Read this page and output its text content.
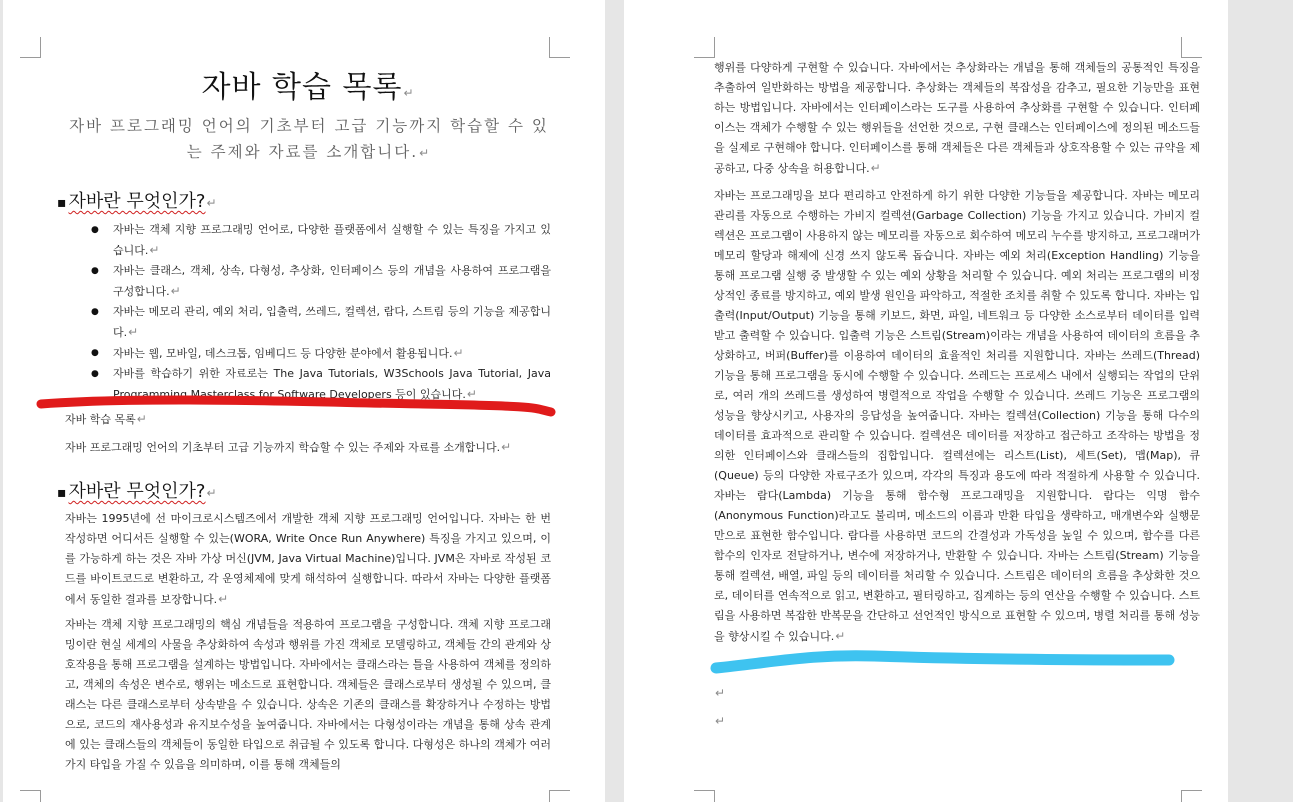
자바 학습 목록↵
자바 프로그래밍 언어의 기초부터 고급 기능까지 학습할 수 있는 주제와 자료를 소개합니다.↵
▪ 자바란 무엇인가?↵
● 자바는 객체 지향 프로그래밍 언어로, 다양한 플랫폼에서 실행할 수 있는 특징을 가지고 있습니다.↵
● 자바는 클래스, 객체, 상속, 다형성, 추상화, 인터페이스 등의 개념을 사용하여 프로그램을 구성합니다.↵
● 자바는 메모리 관리, 예외 처리, 입출력, 쓰레드, 컬렉션, 람다, 스트림 등의 기능을 제공합니다.↵
● 자바는 웹, 모바일, 데스크톱, 임베디드 등 다양한 분야에서 활용됩니다.↵
● 자바를 학습하기 위한 자료로는 The Java Tutorials, W3Schools Java Tutorial, Java Programming Masterclass for Software Developers 등이 있습니다.↵

자바 학습 목록↵

자바 프로그래밍 언어의 기초부터 고급 기능까지 학습할 수 있는 주제와 자료를 소개합니다.↵

▪ 자바란 무엇인가?↵

자바는 1995년에 선 마이크로시스템즈에서 개발한 객체 지향 프로그래밍 언어입니다. 자바는 한 번 작성하면 어디서든 실행할 수 있는(WORA, Write Once Run Anywhere) 특징을 가지고 있으며, 이를 가능하게 하는 것은 자바 가상 머신(JVM, Java Virtual Machine)입니다. JVM은 자바로 작성된 코드를 바이트코드로 변환하고, 각 운영체제에 맞게 해석하여 실행합니다. 따라서 자바는 다양한 플랫폼에서 동일한 결과를 보장합니다.↵

자바는 객체 지향 프로그래밍의 핵심 개념들을 적용하여 프로그램을 구성합니다. 객체 지향 프로그래밍이란 현실 세계의 사물을 추상화하여 속성과 행위를 가진 객체로 모델링하고, 객체들 간의 관계와 상호작용을 통해 프로그램을 설계하는 방법입니다. 자바에서는 클래스라는 틀을 사용하여 객체를 정의하고, 객체의 속성은 변수로, 행위는 메소드로 표현합니다. 객체들은 클래스로부터 생성될 수 있으며, 클래스는 다른 클래스로부터 상속받을 수 있습니다. 상속은 기존의 클래스를 확장하거나 수정하는 방법으로, 코드의 재사용성과 유지보수성을 높여줍니다. 자바에서는 다형성이라는 개념을 통해 상속 관계에 있는 클래스들의 객체들이 동일한 타입으로 취급될 수 있도록 합니다. 다형성은 하나의 객체가 여러 가지 타입을 가질 수 있음을 의미하며, 이를 통해 객체들의

행위를 다양하게 구현할 수 있습니다. 자바에서는 추상화라는 개념을 통해 객체들의 공통적인 특징을 추출하여 일반화하는 방법을 제공합니다. 추상화는 객체들의 복잡성을 감추고, 필요한 기능만을 표현하는 방법입니다. 자바에서는 인터페이스라는 도구를 사용하여 추상화를 구현할 수 있습니다. 인터페이스는 객체가 수행할 수 있는 행위들을 선언한 것으로, 구현 클래스는 인터페이스에 정의된 메소드들을 실제로 구현해야 합니다. 인터페이스를 통해 객체들은 다른 객체들과 상호작용할 수 있는 규약을 제공하고, 다중 상속을 허용합니다.↵

자바는 프로그래밍을 보다 편리하고 안전하게 하기 위한 다양한 기능들을 제공합니다. 자바는 메모리 관리를 자동으로 수행하는 가비지 컬렉션(Garbage Collection) 기능을 가지고 있습니다. 가비지 컬렉션은 프로그램이 사용하지 않는 메모리를 자동으로 회수하여 메모리 누수를 방지하고, 프로그래머가 메모리 할당과 해제에 신경 쓰지 않도록 돕습니다. 자바는 예외 처리(Exception Handling) 기능을 통해 프로그램 실행 중 발생할 수 있는 예외 상황을 처리할 수 있습니다. 예외 처리는 프로그램의 비정상적인 종료를 방지하고, 예외 발생 원인을 파악하고, 적절한 조치를 취할 수 있도록 합니다. 자바는 입출력(Input/Output) 기능을 통해 키보드, 화면, 파일, 네트워크 등 다양한 소스로부터 데이터를 입력받고 출력할 수 있습니다. 입출력 기능은 스트림(Stream)이라는 개념을 사용하여 데이터의 흐름을 추상화하고, 버퍼(Buffer)를 이용하여 데이터의 효율적인 처리를 지원합니다. 자바는 쓰레드(Thread) 기능을 통해 프로그램을 동시에 수행할 수 있습니다. 쓰레드는 프로세스 내에서 실행되는 작업의 단위로, 여러 개의 쓰레드를 생성하여 병렬적으로 작업을 수행할 수 있습니다. 쓰레드 기능은 프로그램의 성능을 향상시키고, 사용자의 응답성을 높여줍니다. 자바는 컬렉션(Collection) 기능을 통해 다수의 데이터를 효과적으로 관리할 수 있습니다. 컬렉션은 데이터를 저장하고 접근하고 조작하는 방법을 정의한 인터페이스와 클래스들의 집합입니다. 컬렉션에는 리스트(List), 세트(Set), 맵(Map), 큐(Queue) 등의 다양한 자료구조가 있으며, 각각의 특징과 용도에 따라 적절하게 사용할 수 있습니다. 자바는 람다(Lambda) 기능을 통해 함수형 프로그래밍을 지원합니다. 람다는 익명 함수(Anonymous Function)라고도 불리며, 메소드의 이름과 반환 타입을 생략하고, 매개변수와 실행문만으로 표현한 함수입니다. 람다를 사용하면 코드의 간결성과 가독성을 높일 수 있으며, 함수를 다른 함수의 인자로 전달하거나, 변수에 저장하거나, 반환할 수 있습니다. 자바는 스트림(Stream) 기능을 통해 컬렉션, 배열, 파일 등의 데이터를 처리할 수 있습니다. 스트림은 데이터의 흐름을 추상화한 것으로, 데이터를 연속적으로 읽고, 변환하고, 필터링하고, 집계하는 등의 연산을 수행할 수 있습니다. 스트림을 사용하면 복잡한 반복문을 간단하고 선언적인 방식으로 표현할 수 있으며, 병렬 처리를 통해 성능을 향상시킬 수 있습니다.↵

↵
↵
